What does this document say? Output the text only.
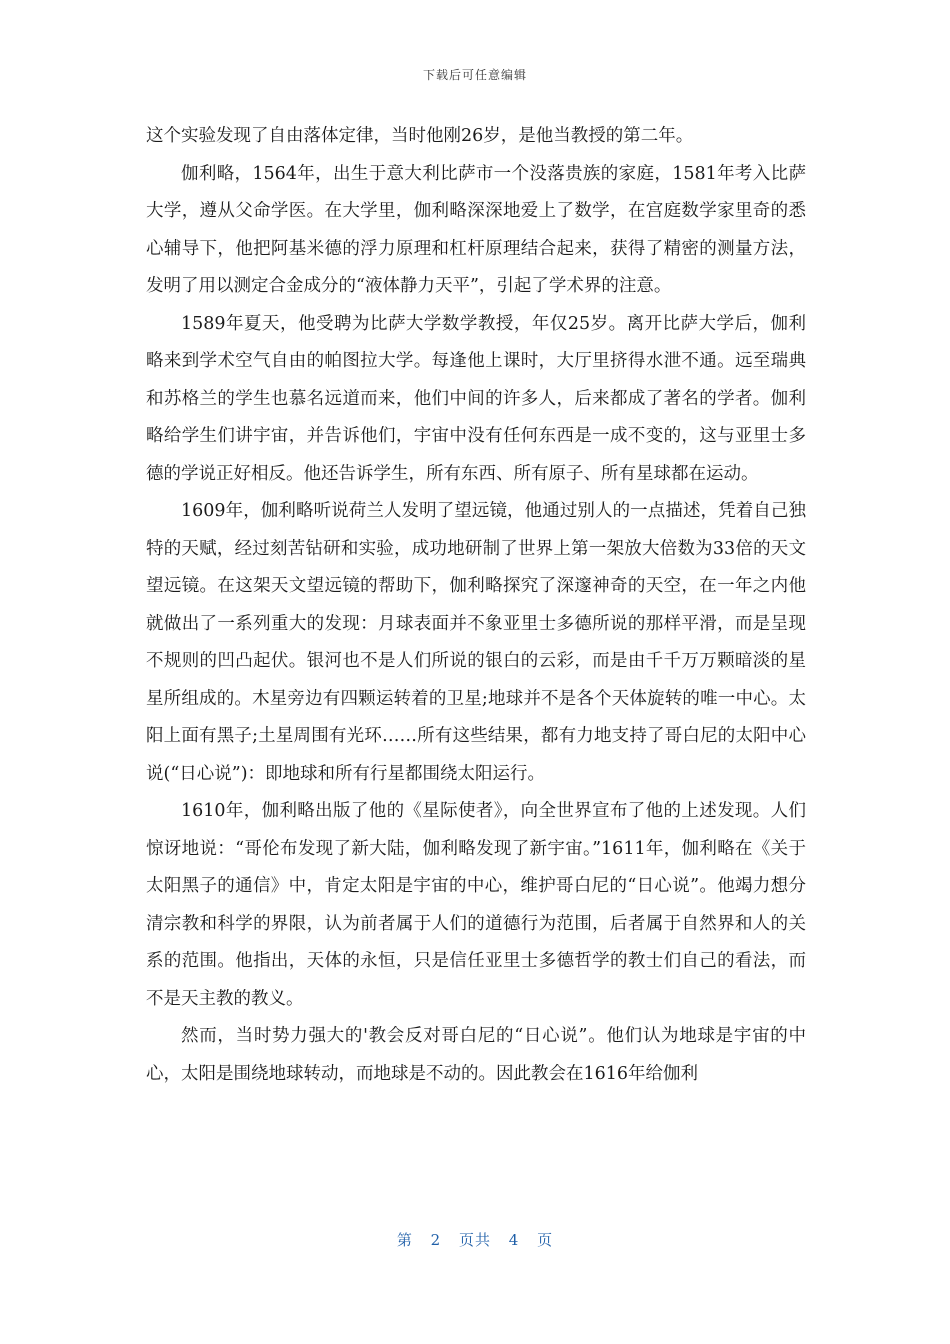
下载后可任意编辑

这个实验发现了自由落体定律，当时他刚26岁，是他当教授的第二年。

伽利略，1564年，出生于意大利比萨市一个没落贵族的家庭，1581年考入比萨大学，遵从父命学医。在大学里，伽利略深深地爱上了数学，在宫庭数学家里奇的悉心辅导下，他把阿基米德的浮力原理和杠杆原理结合起来，获得了精密的测量方法，发明了用以测定合金成分的“液体静力天平”，引起了学术界的注意。

1589年夏天，他受聘为比萨大学数学教授，年仅25岁。离开比萨大学后，伽利略来到学术空气自由的帕图拉大学。每逢他上课时，大厅里挤得水泄不通。远至瑞典和苏格兰的学生也慕名远道而来，他们中间的许多人，后来都成了著名的学者。伽利略给学生们讲宇宙，并告诉他们，宇宙中没有任何东西是一成不变的，这与亚里士多德的学说正好相反。他还告诉学生，所有东西、所有原子、所有星球都在运动。

1609年，伽利略听说荷兰人发明了望远镜，他通过别人的一点描述，凭着自己独特的天赋，经过刻苦钻研和实验，成功地研制了世界上第一架放大倍数为33倍的天文望远镜。在这架天文望远镜的帮助下，伽利略探究了深邃神奇的天空，在一年之内他就做出了一系列重大的发现：月球表面并不象亚里士多德所说的那样平滑，而是呈现不规则的凹凸起伏。银河也不是人们所说的银白的云彩，而是由千千万万颗暗淡的星星所组成的。木星旁边有四颗运转着的卫星;地球并不是各个天体旋转的唯一中心。太阳上面有黑子;土星周围有光环……所有这些结果，都有力地支持了哥白尼的太阳中心说(“日心说”)：即地球和所有行星都围绕太阳运行。

1610年，伽利略出版了他的《星际使者》，向全世界宣布了他的上述发现。人们惊讶地说：“哥伦布发现了新大陆，伽利略发现了新宇宙。”1611年，伽利略在《关于太阳黑子的通信》中，肯定太阳是宇宙的中心，维护哥白尼的“日心说”。他竭力想分清宗教和科学的界限，认为前者属于人们的道德行为范围，后者属于自然界和人的关系的范围。他指出，天体的永恒，只是信任亚里士多德哲学的教士们自己的看法，而不是天主教的教义。

然而，当时势力强大的'教会反对哥白尼的“日心说”。他们认为地球是宇宙的中心，太阳是围绕地球转动，而地球是不动的。因此教会在1616年给伽利

第 2 页共 4 页
